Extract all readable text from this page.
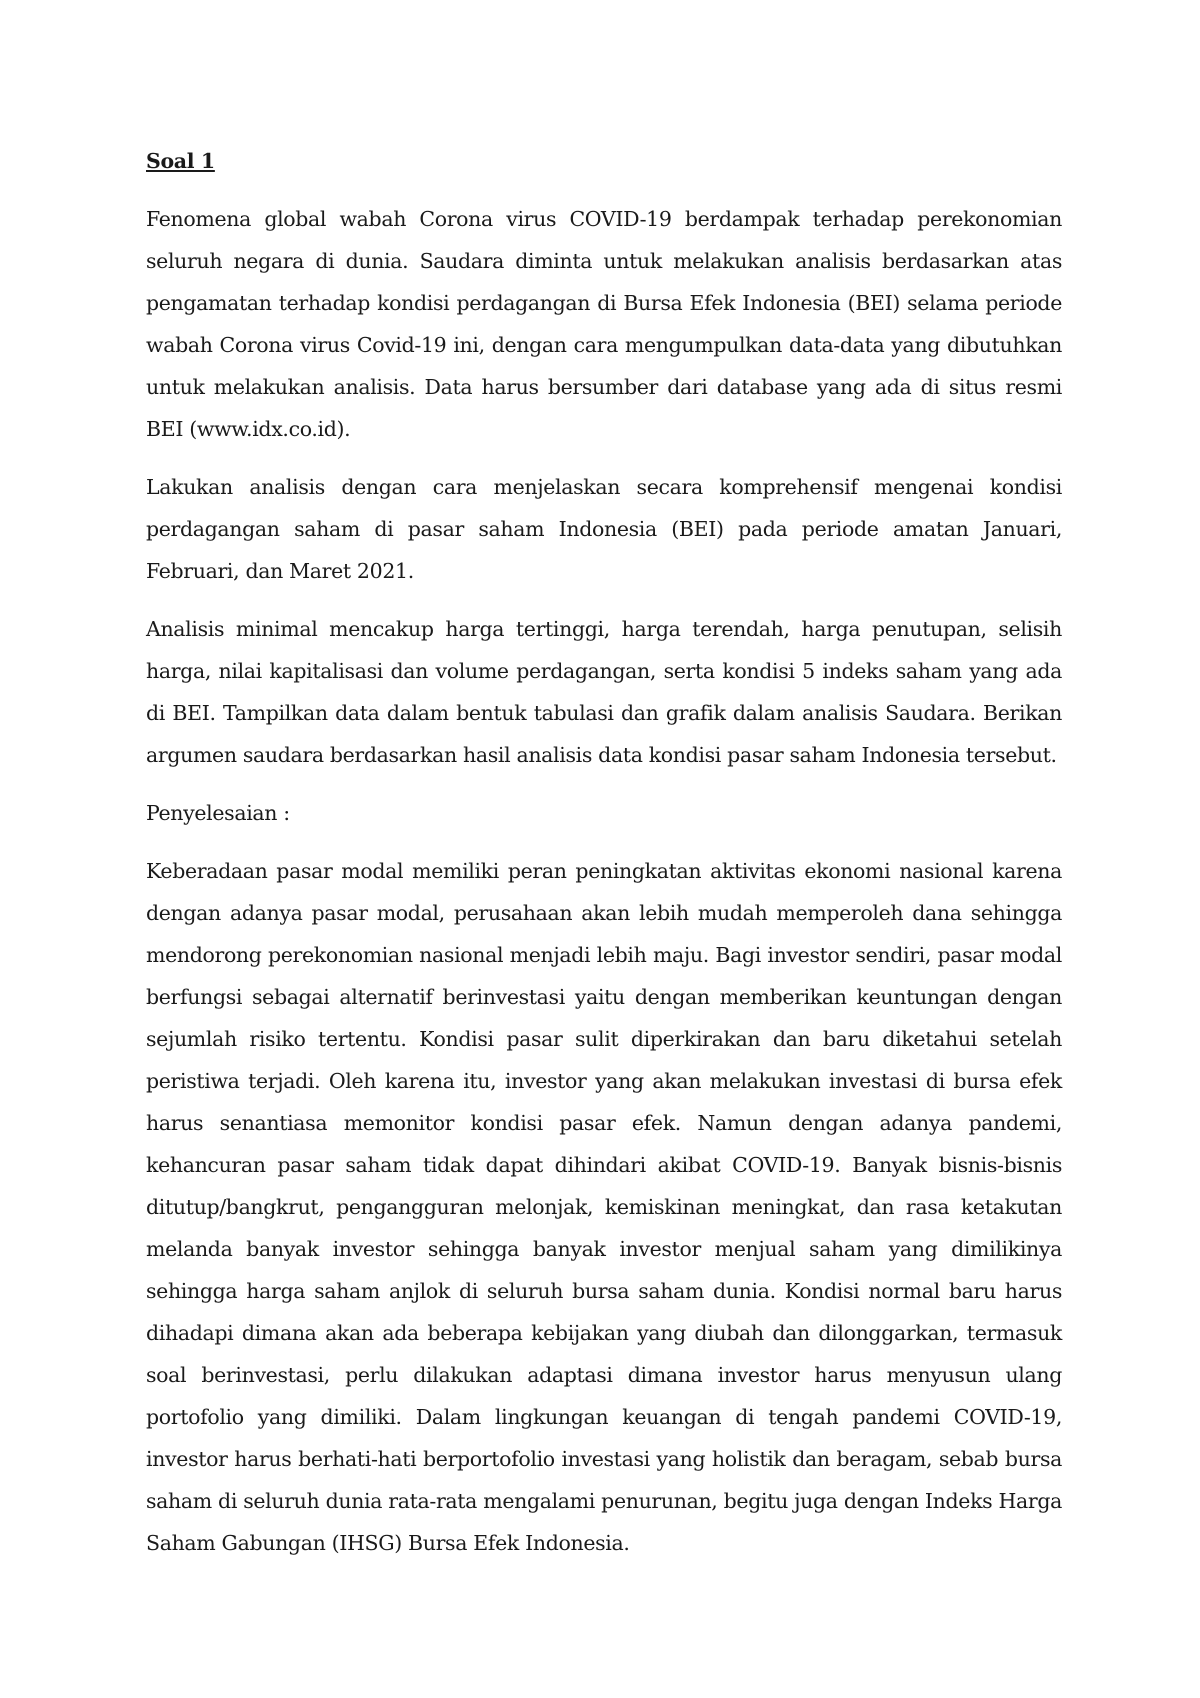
Soal 1

Fenomena global wabah Corona virus COVID-19 berdampak terhadap perekonomian seluruh negara di dunia. Saudara diminta untuk melakukan analisis berdasarkan atas pengamatan terhadap kondisi perdagangan di Bursa Efek Indonesia (BEI) selama periode wabah Corona virus Covid-19 ini, dengan cara mengumpulkan data-data yang dibutuhkan untuk melakukan analisis. Data harus bersumber dari database yang ada di situs resmi BEI (www.idx.co.id).

Lakukan analisis dengan cara menjelaskan secara komprehensif mengenai kondisi perdagangan saham di pasar saham Indonesia (BEI) pada periode amatan Januari, Februari, dan Maret 2021.

Analisis minimal mencakup harga tertinggi, harga terendah, harga penutupan, selisih harga, nilai kapitalisasi dan volume perdagangan, serta kondisi 5 indeks saham yang ada di BEI. Tampilkan data dalam bentuk tabulasi dan grafik dalam analisis Saudara. Berikan argumen saudara berdasarkan hasil analisis data kondisi pasar saham Indonesia tersebut.

Penyelesaian :

Keberadaan pasar modal memiliki peran peningkatan aktivitas ekonomi nasional karena dengan adanya pasar modal, perusahaan akan lebih mudah memperoleh dana sehingga mendorong perekonomian nasional menjadi lebih maju. Bagi investor sendiri, pasar modal berfungsi sebagai alternatif berinvestasi yaitu dengan memberikan keuntungan dengan sejumlah risiko tertentu. Kondisi pasar sulit diperkirakan dan baru diketahui setelah peristiwa terjadi. Oleh karena itu, investor yang akan melakukan investasi di bursa efek harus senantiasa memonitor kondisi pasar efek. Namun dengan adanya pandemi, kehancuran pasar saham tidak dapat dihindari akibat COVID-19. Banyak bisnis-bisnis ditutup/bangkrut, pengangguran melonjak, kemiskinan meningkat, dan rasa ketakutan melanda banyak investor sehingga banyak investor menjual saham yang dimilikinya sehingga harga saham anjlok di seluruh bursa saham dunia. Kondisi normal baru harus dihadapi dimana akan ada beberapa kebijakan yang diubah dan dilonggarkan, termasuk soal berinvestasi, perlu dilakukan adaptasi dimana investor harus menyusun ulang portofolio yang dimiliki. Dalam lingkungan keuangan di tengah pandemi COVID-19, investor harus berhati-hati berportofolio investasi yang holistik dan beragam, sebab bursa saham di seluruh dunia rata-rata mengalami penurunan, begitu juga dengan Indeks Harga Saham Gabungan (IHSG) Bursa Efek Indonesia.
